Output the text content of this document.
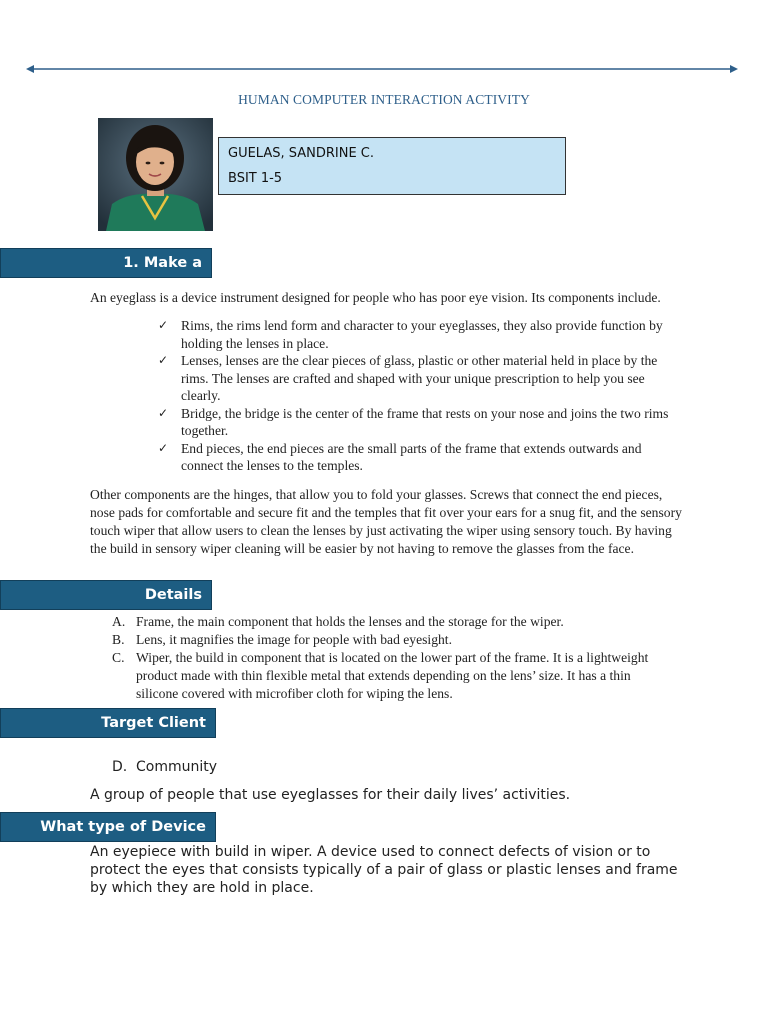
HUMAN COMPUTER INTERACTION ACTIVITY
GUELAS, SANDRINE C.
BSIT 1-5
1. Make a
An eyeglass is a device instrument designed for people who has poor eye vision. Its components include.
✓ Rims, the rims lend form and character to your eyeglasses, they also provide function by holding the lenses in place.
✓ Lenses, lenses are the clear pieces of glass, plastic or other material held in place by the rims. The lenses are crafted and shaped with your unique prescription to help you see clearly.
✓ Bridge, the bridge is the center of the frame that rests on your nose and joins the two rims together.
✓ End pieces, the end pieces are the small parts of the frame that extends outwards and connect the lenses to the temples.
Other components are the hinges, that allow you to fold your glasses. Screws that connect the end pieces, nose pads for comfortable and secure fit and the temples that fit over your ears for a snug fit, and the sensory touch wiper that allow users to clean the lenses by just activating the wiper using sensory touch. By having the build in sensory wiper cleaning will be easier by not having to remove the glasses from the face.
Details
A. Frame, the main component that holds the lenses and the storage for the wiper.
B. Lens, it magnifies the image for people with bad eyesight.
C. Wiper, the build in component that is located on the lower part of the frame. It is a lightweight product made with thin flexible metal that extends depending on the lens’ size. It has a thin silicone covered with microfiber cloth for wiping the lens.
Target Client
D. Community
A group of people that use eyeglasses for their daily lives’ activities.
What type of Device
An eyepiece with build in wiper. A device used to connect defects of vision or to protect the eyes that consists typically of a pair of glass or plastic lenses and frame by which they are hold in place.
